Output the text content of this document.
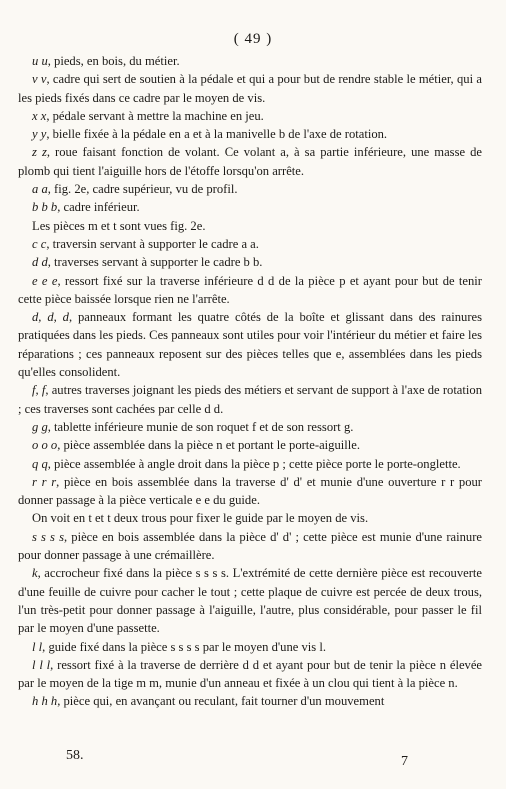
( 49 )

u u, pieds, en bois, du métier.

v v, cadre qui sert de soutien à la pédale et qui a pour but de rendre stable le métier, qui a les pieds fixés dans ce cadre par le moyen de vis.

x x, pédale servant à mettre la machine en jeu.

y y, bielle fixée à la pédale en a et à la manivelle b de l'axe de rotation.

z z, roue faisant fonction de volant. Ce volant a, à sa partie inférieure, une masse de plomb qui tient l'aiguille hors de l'étoffe lorsqu'on arrête.

a a, fig. 2e, cadre supérieur, vu de profil.

b b b, cadre inférieur.

Les pièces m et t sont vues fig. 2e.

c c, traversin servant à supporter le cadre a a.

d d, traverses servant à supporter le cadre b b.

e e e, ressort fixé sur la traverse inférieure d d de la pièce p et ayant pour but de tenir cette pièce baissée lorsque rien ne l'arrête.

d, d, d, panneaux formant les quatre côtés de la boîte et glissant dans des rainures pratiquées dans les pieds. Ces panneaux sont utiles pour voir l'intérieur du métier et faire les réparations ; ces panneaux reposent sur des pièces telles que e, assemblées dans les pieds qu'elles consolident.

f, f, autres traverses joignant les pieds des métiers et servant de support à l'axe de rotation ; ces traverses sont cachées par celle d d.

g g, tablette inférieure munie de son roquet f et de son ressort g.

o o o, pièce assemblée dans la pièce n et portant le porte-aiguille.

q q, pièce assemblée à angle droit dans la pièce p ; cette pièce porte le porte-onglette.

r r r, pièce en bois assemblée dans la traverse d' d' et munie d'une ouverture r r pour donner passage à la pièce verticale e e du guide.

On voit en t et t deux trous pour fixer le guide par le moyen de vis.

s s s s, pièce en bois assemblée dans la pièce d' d' ; cette pièce est munie d'une rainure pour donner passage à une crémaillère.

k, accrocheur fixé dans la pièce s s s s. L'extrémité de cette dernière pièce est recouverte d'une feuille de cuivre pour cacher le tout ; cette plaque de cuivre est percée de deux trous, l'un très-petit pour donner passage à l'aiguille, l'autre, plus considérable, pour passer le fil par le moyen d'une passette.

l l, guide fixé dans la pièce s s s s par le moyen d'une vis l.

l l l, ressort fixé à la traverse de derrière d d et ayant pour but de tenir la pièce n élevée par le moyen de la tige m m, munie d'un anneau et fixée à un clou qui tient à la pièce n.

h h h, pièce qui, en avançant ou reculant, fait tourner d'un mouvement

58.	7
